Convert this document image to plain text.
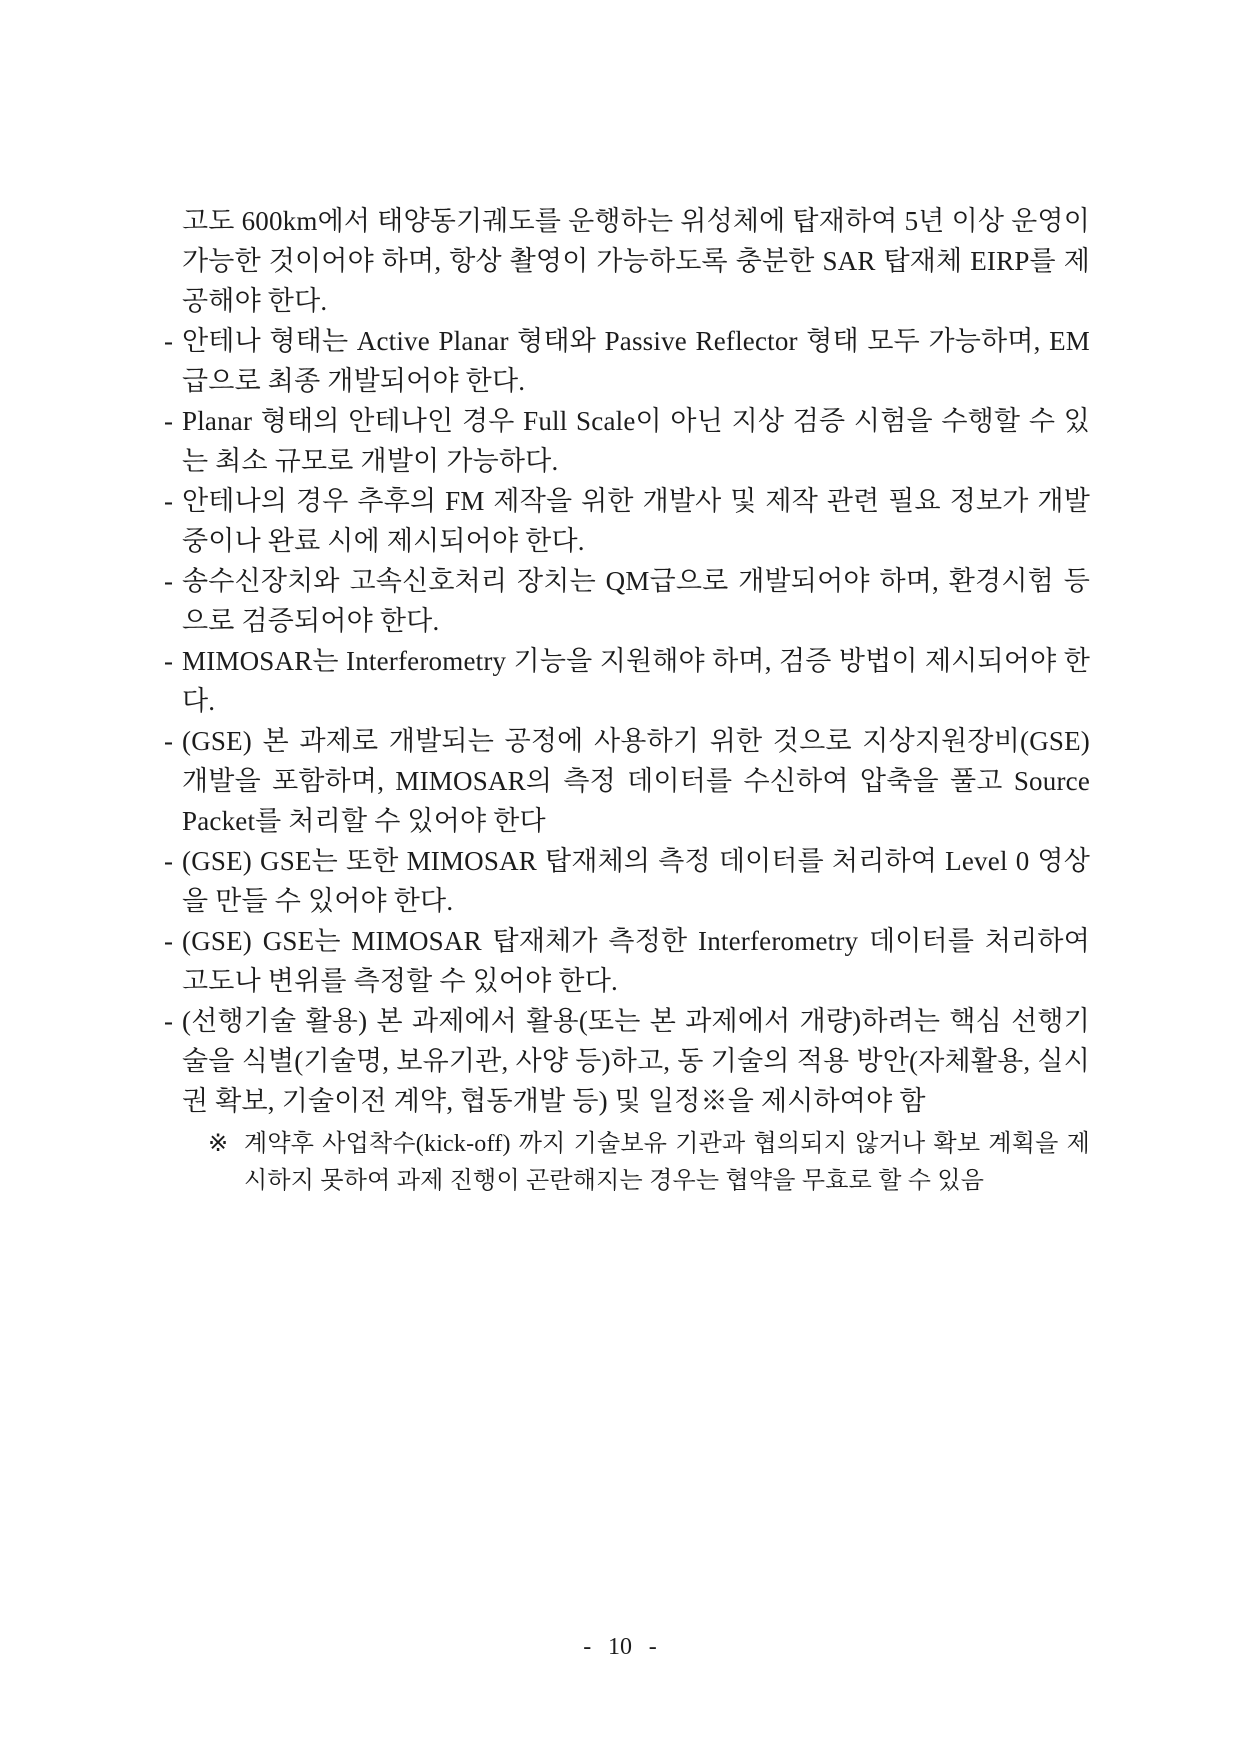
고도 600km에서 태양동기궤도를 운행하는 위성체에 탑재하여 5년 이상 운영이 가능한 것이어야 하며, 항상 촬영이 가능하도록 충분한 SAR 탑재체 EIRP를 제공해야 한다.
- 안테나 형태는 Active Planar 형태와 Passive Reflector 형태 모두 가능하며, EM급으로 최종 개발되어야 한다.
- Planar 형태의 안테나인 경우 Full Scale이 아닌 지상 검증 시험을 수행할 수 있는 최소 규모로 개발이 가능하다.
- 안테나의 경우 추후의 FM 제작을 위한 개발사 및 제작 관련 필요 정보가 개발 중이나 완료 시에 제시되어야 한다.
- 송수신장치와 고속신호처리 장치는 QM급으로 개발되어야 하며, 환경시험 등으로 검증되어야 한다.
- MIMOSAR는 Interferometry 기능을 지원해야 하며, 검증 방법이 제시되어야 한다.
- (GSE) 본 과제로 개발되는 공정에 사용하기 위한 것으로 지상지원장비(GSE) 개발을 포함하며, MIMOSAR의 측정 데이터를 수신하여 압축을 풀고 Source Packet를 처리할 수 있어야 한다
- (GSE) GSE는 또한 MIMOSAR 탑재체의 측정 데이터를 처리하여 Level 0 영상을 만들 수 있어야 한다.
- (GSE) GSE는 MIMOSAR 탑재체가 측정한 Interferometry 데이터를 처리하여 고도나 변위를 측정할 수 있어야 한다.
- (선행기술 활용) 본 과제에서 활용(또는 본 과제에서 개량)하려는 핵심 선행기술을 식별(기술명, 보유기관, 사양 등)하고, 동 기술의 적용 방안(자체활용, 실시권 확보, 기술이전 계약, 협동개발 등) 및 일정※을 제시하여야 함
※ 계약후 사업착수(kick-off) 까지 기술보유 기관과 협의되지 않거나 확보 계획을 제시하지 못하여 과제 진행이 곤란해지는 경우는 협약을 무효로 할 수 있음
- 10 -
